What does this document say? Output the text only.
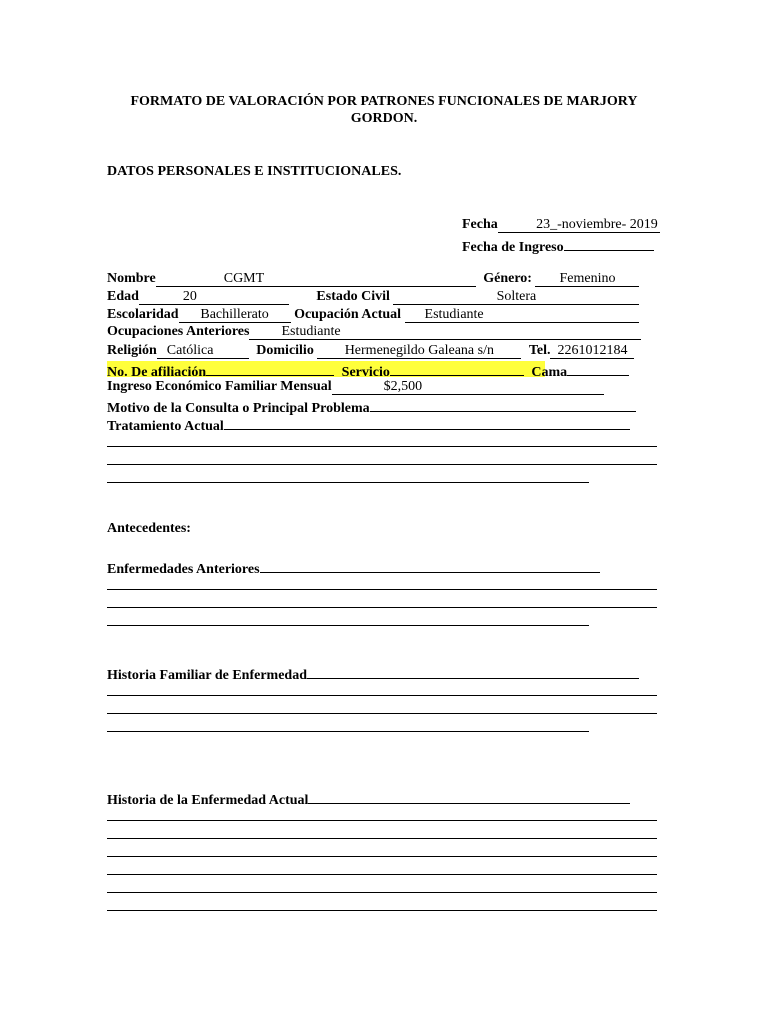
FORMATO DE VALORACIÓN POR PATRONES FUNCIONALES DE MARJORY GORDON.
DATOS PERSONALES E INSTITUCIONALES.
Fecha	23_-noviembre- 2019
Fecha de Ingreso
Nombre	CGMT	Género: Femenino
Edad	20	Estado Civil	Soltera
Escolaridad Bachillerato Ocupación Actual Estudiante
Ocupaciones Anteriores Estudiante
Religión Católica	Domicilio Hermenegildo Galeana s/n Tel. 2261012184
No. De afiliación	Servicio	Cama
Ingreso Económico Familiar Mensual	$2,500
Motivo de la Consulta o Principal Problema
Tratamiento Actual
Antecedentes:
Enfermedades Anteriores
Historia Familiar de Enfermedad
Historia de la Enfermedad Actual
